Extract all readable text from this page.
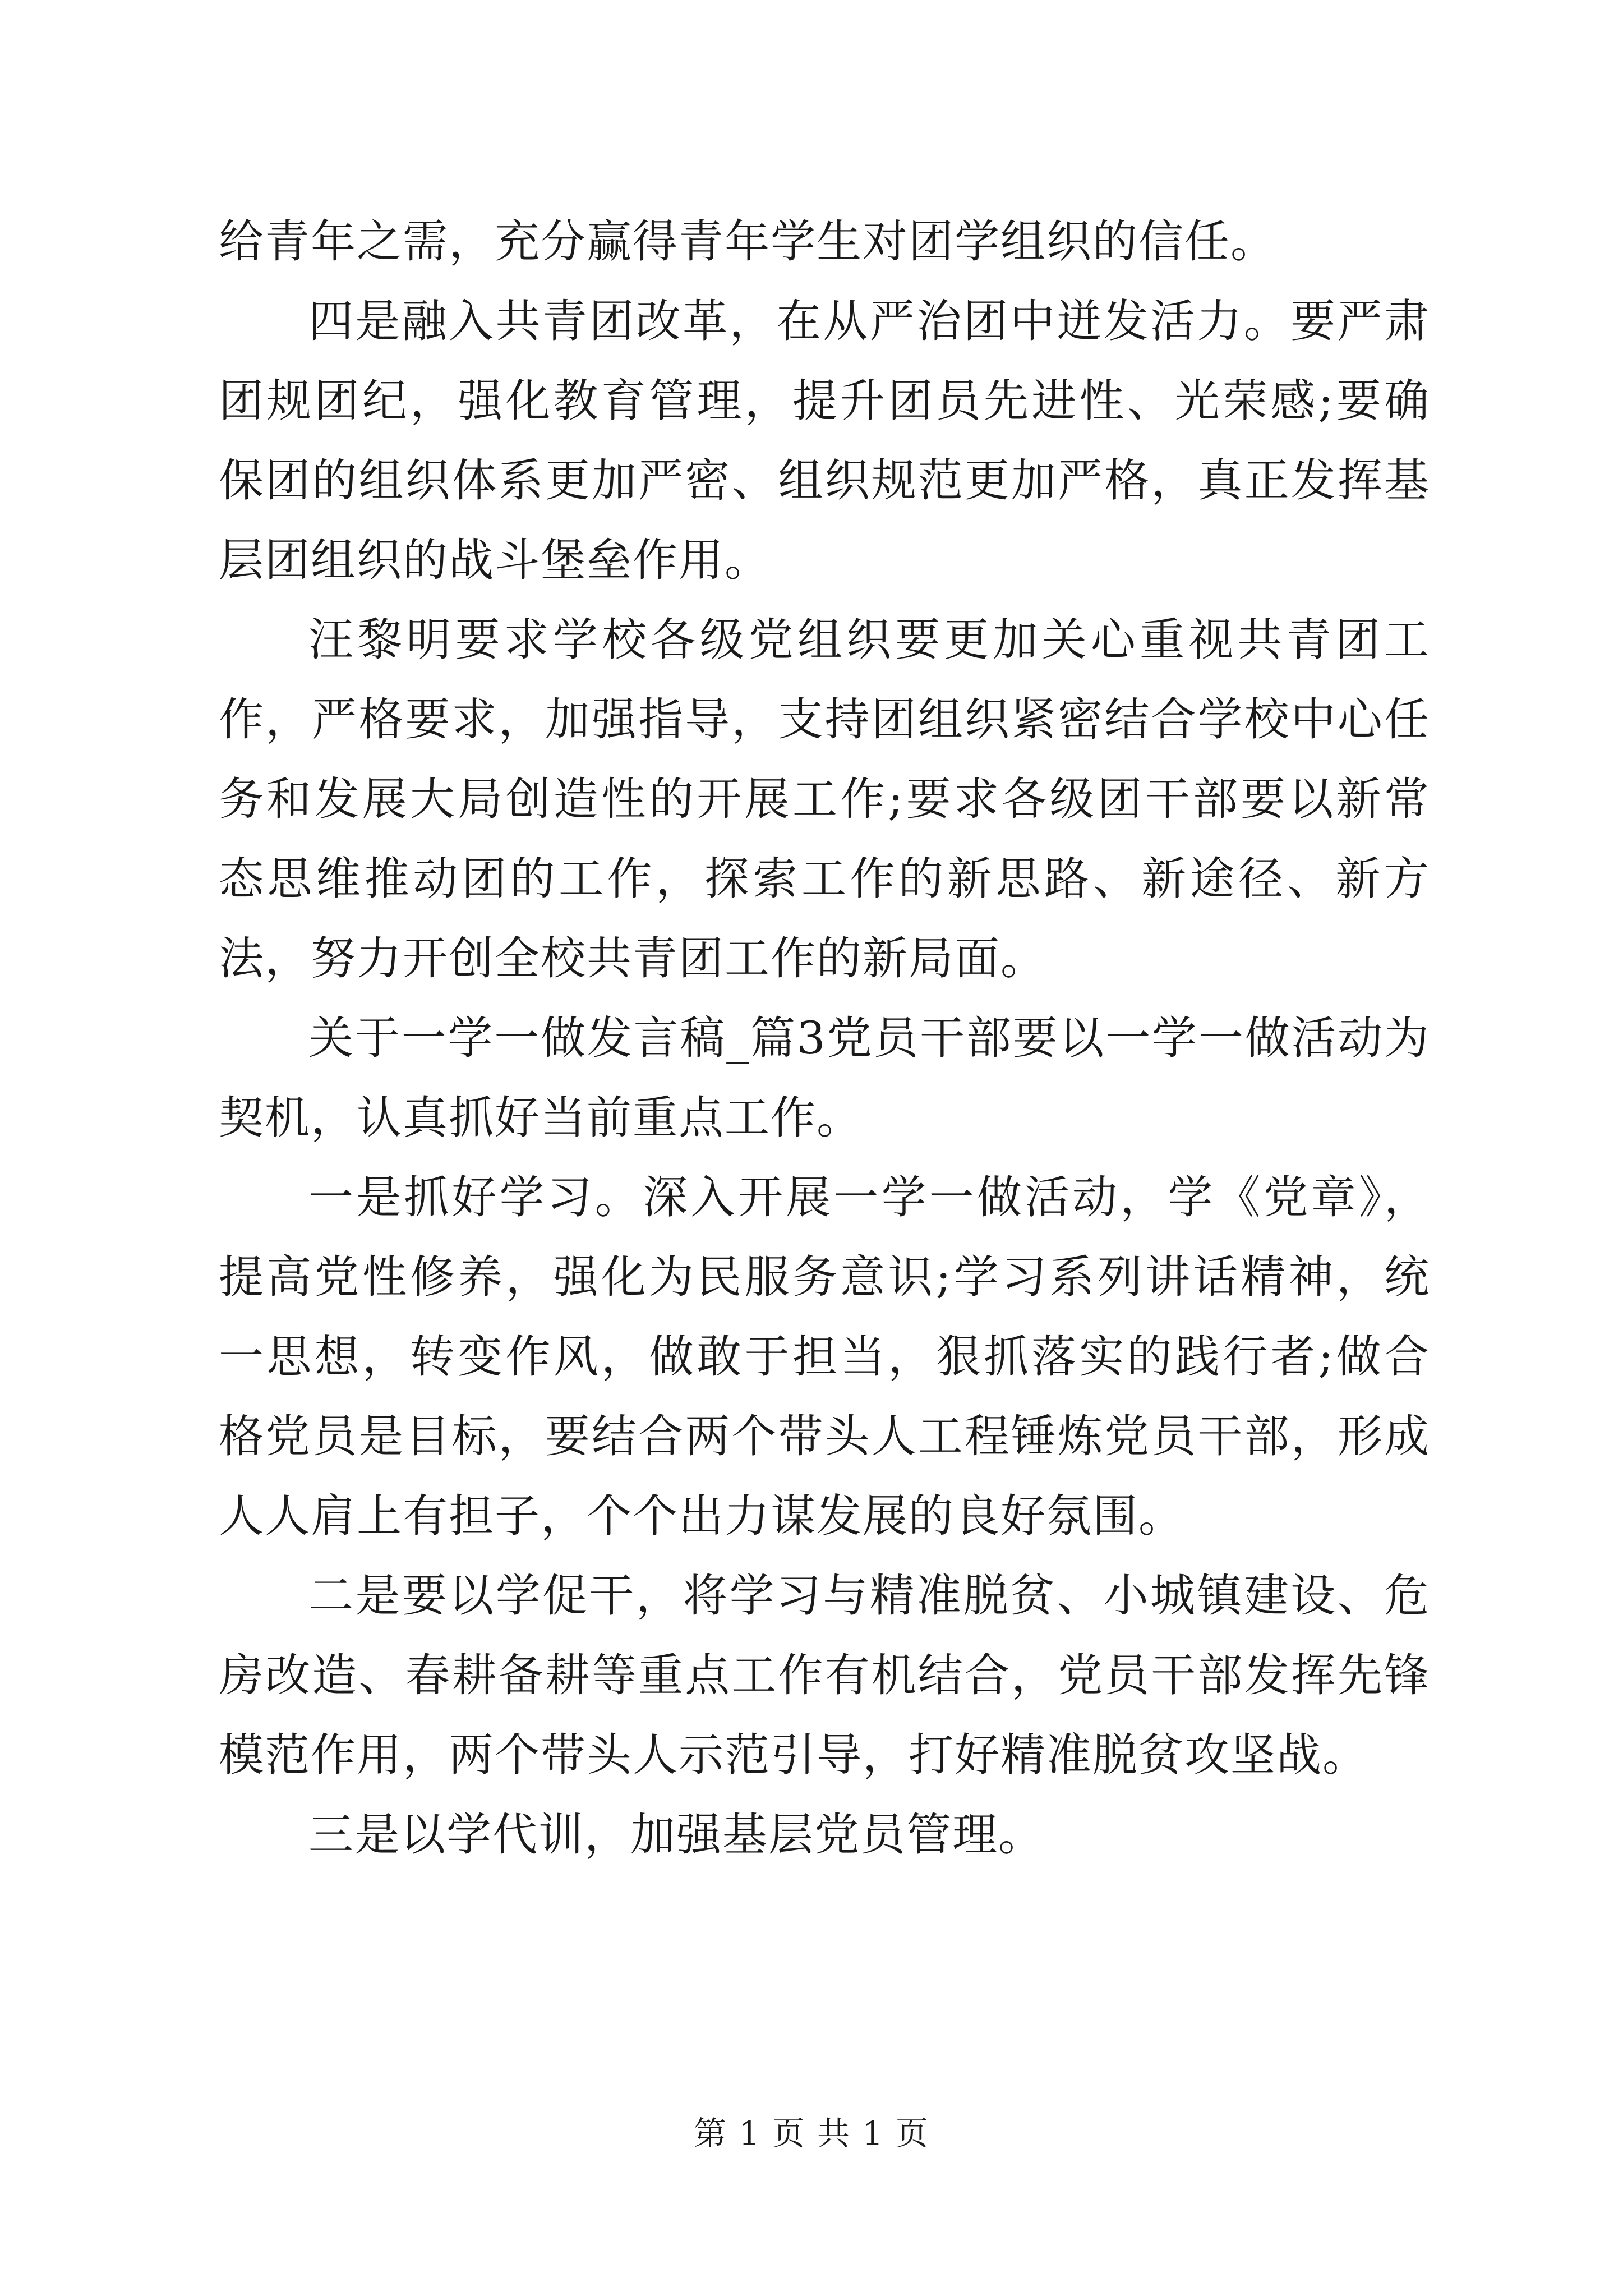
给青年之需，充分赢得青年学生对团学组织的信任。

四是融入共青团改革，在从严治团中迸发活力。要严肃团规团纪，强化教育管理，提升团员先进性、光荣感;要确保团的组织体系更加严密、组织规范更加严格，真正发挥基层团组织的战斗堡垒作用。

汪黎明要求学校各级党组织要更加关心重视共青团工作，严格要求，加强指导，支持团组织紧密结合学校中心任务和发展大局创造性的开展工作;要求各级团干部要以新常态思维推动团的工作，探索工作的新思路、新途径、新方法，努力开创全校共青团工作的新局面。

关于一学一做发言稿_篇3党员干部要以一学一做活动为契机，认真抓好当前重点工作。

一是抓好学习。深入开展一学一做活动，学《党章》，提高党性修养，强化为民服务意识;学习系列讲话精神，统一思想，转变作风，做敢于担当，狠抓落实的践行者;做合格党员是目标，要结合两个带头人工程锤炼党员干部，形成人人肩上有担子，个个出力谋发展的良好氛围。

二是要以学促干，将学习与精准脱贫、小城镇建设、危房改造、春耕备耕等重点工作有机结合，党员干部发挥先锋模范作用，两个带头人示范引导，打好精准脱贫攻坚战。

三是以学代训，加强基层党员管理。

第 1 页 共 1 页
